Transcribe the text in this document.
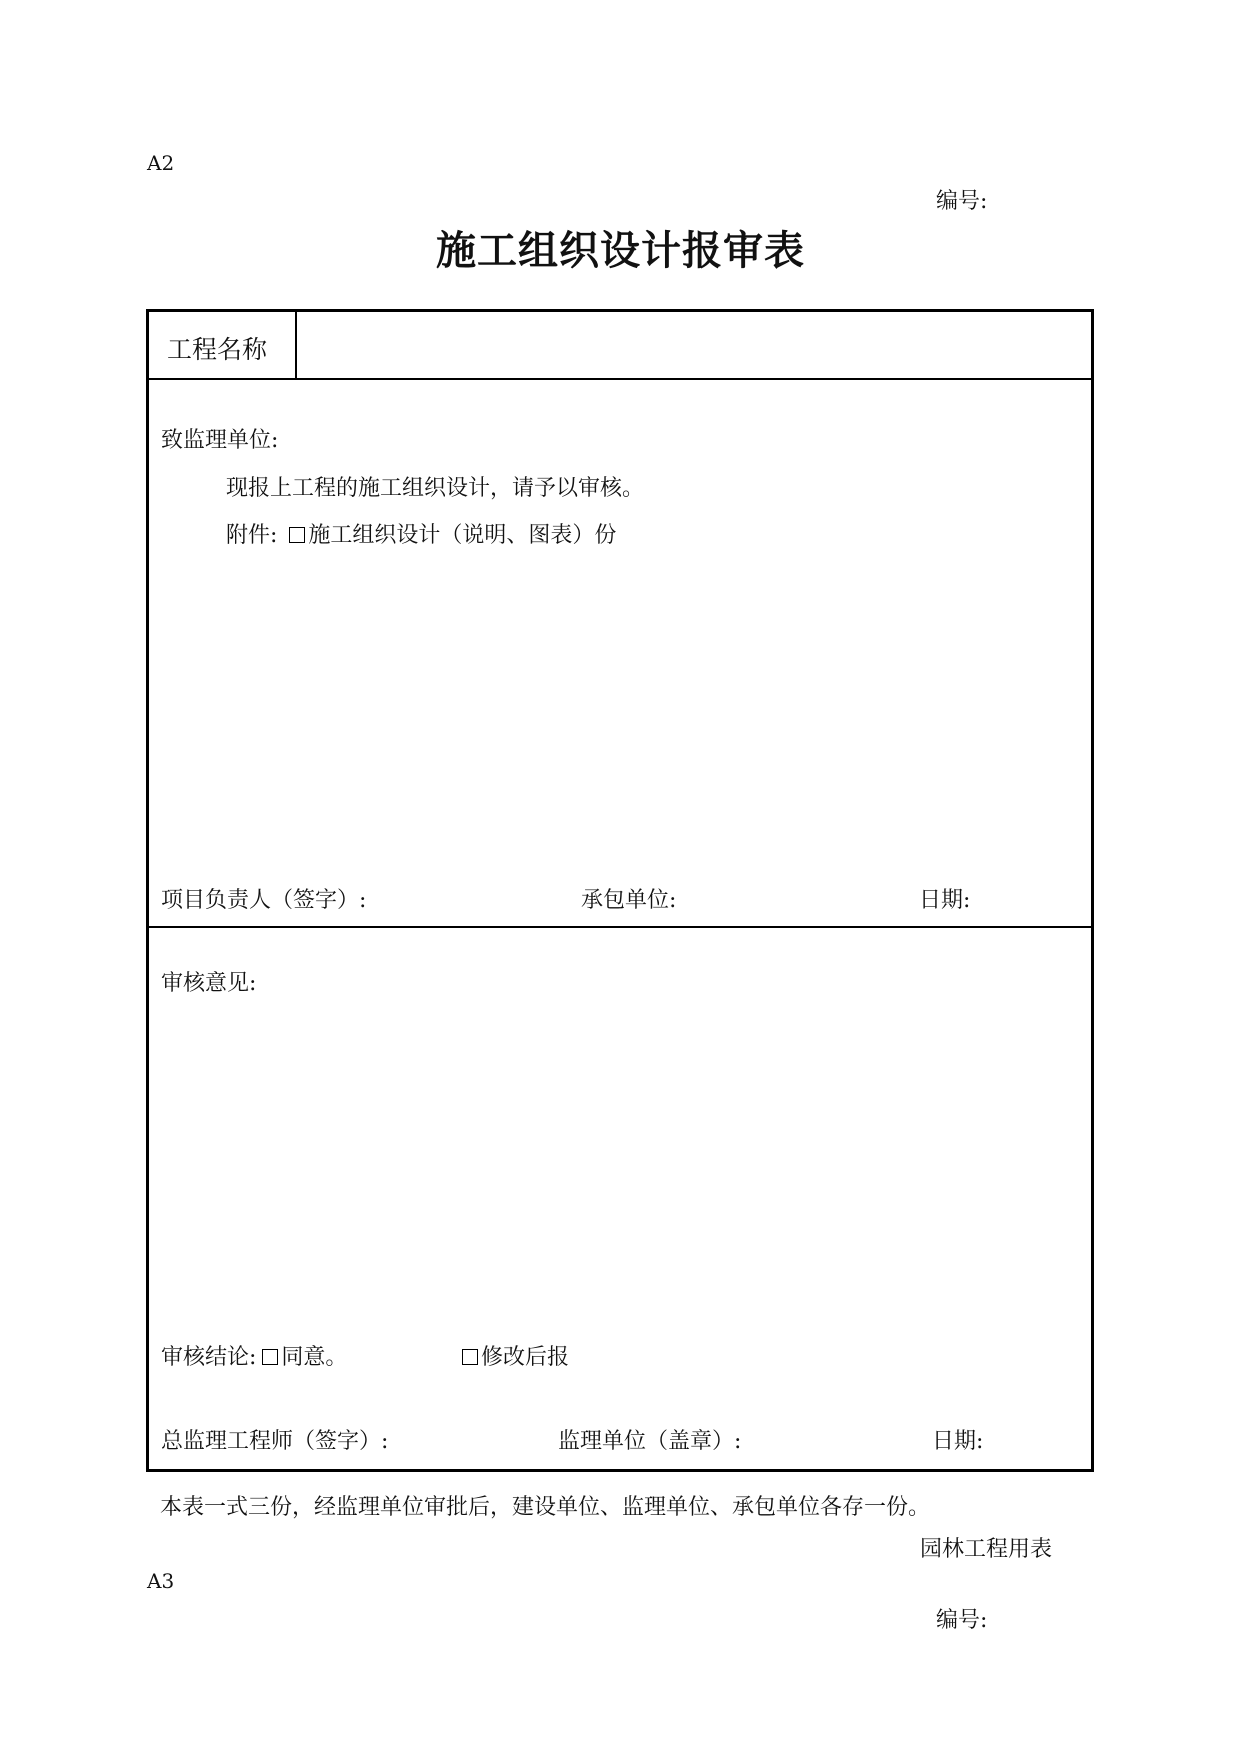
A2
编号:
施工组织设计报审表
工程名称
致监理单位:
现报上工程的施工组织设计，请予以审核。
附件: 施工组织设计（说明、图表）份
项目负责人（签字）:	承包单位:	日期:
审核意见:
审核结论: 同意。	修改后报
总监理工程师（签字）:	监理单位（盖章）:	日期:
本表一式三份，经监理单位审批后，建设单位、监理单位、承包单位各存一份。
园林工程用表
A3
编号:
